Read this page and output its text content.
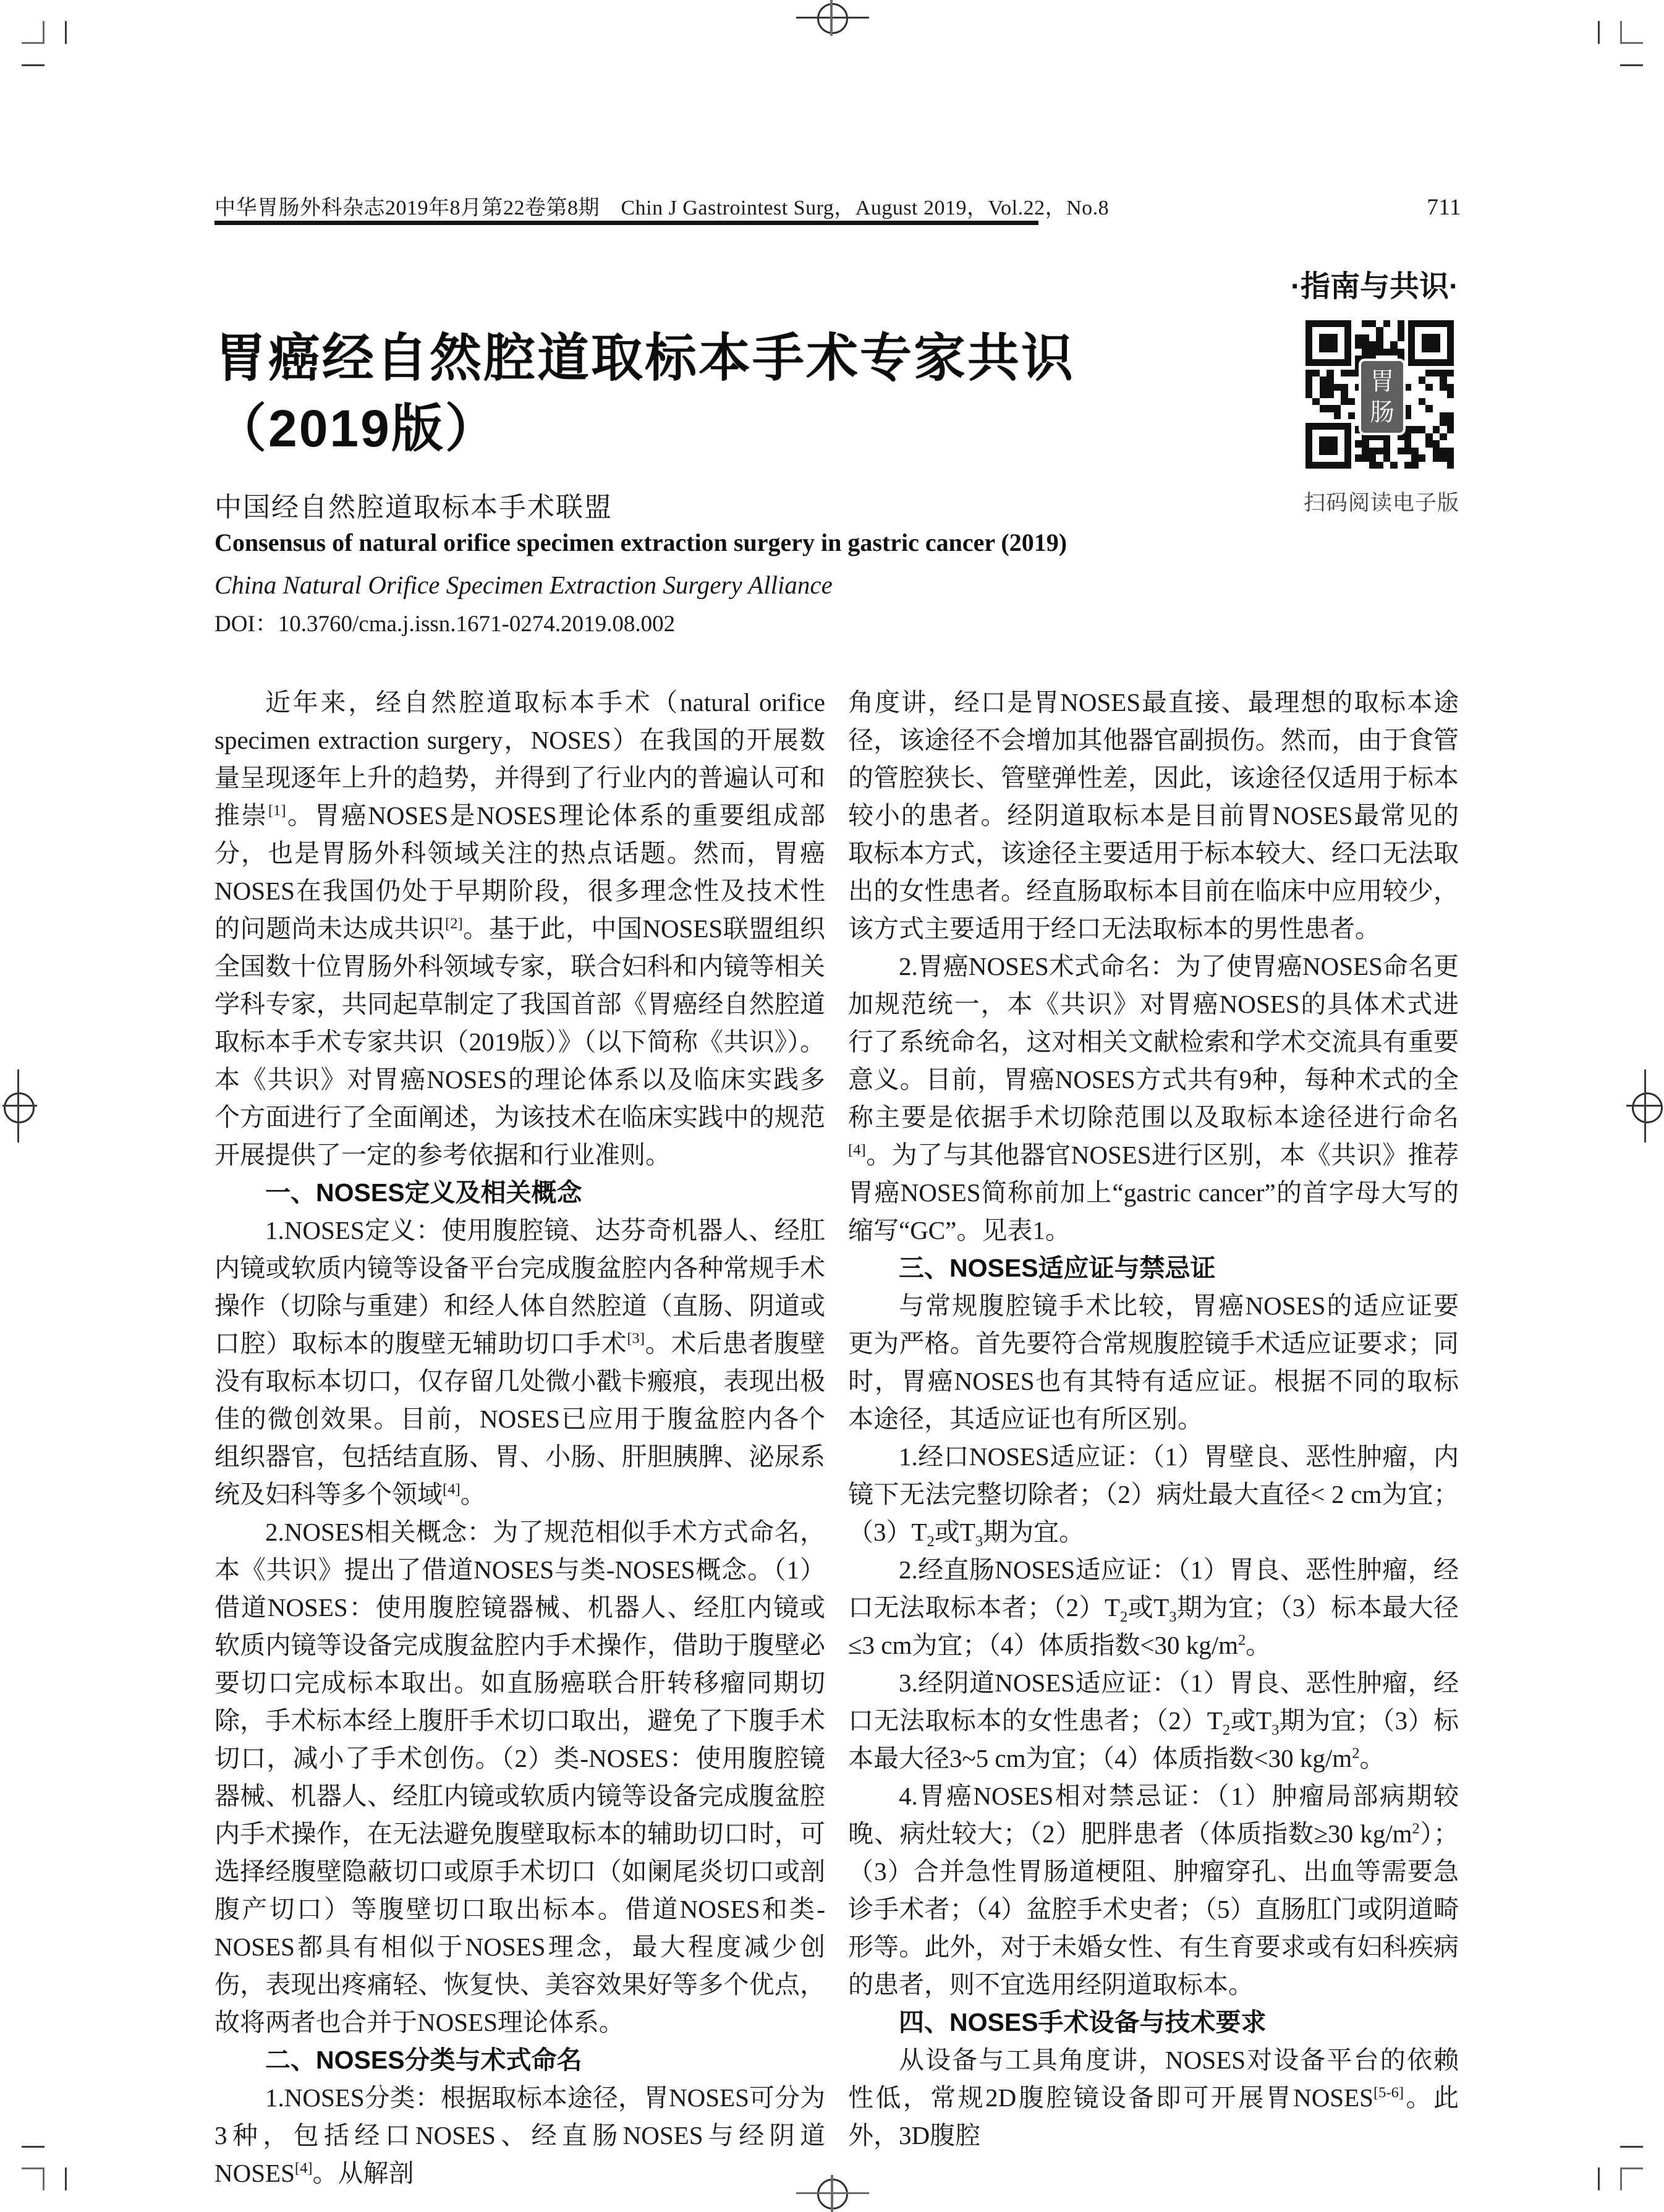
中华胃肠外科杂志2019年8月第22卷第8期　Chin J Gastrointest Surg，August 2019，Vol.22，No.8	711
·指南与共识·
胃癌经自然腔道取标本手术专家共识
（2019版）
胃
肠
扫码阅读电子版
中国经自然腔道取标本手术联盟
Consensus of natural orifice specimen extraction surgery in gastric cancer (2019)
China Natural Orifice Specimen Extraction Surgery Alliance
DOI：10.3760/cma.j.issn.1671-0274.2019.08.002

近年来，经自然腔道取标本手术（natural orifice specimen extraction surgery，NOSES）在我国的开展数量呈现逐年上升的趋势，并得到了行业内的普遍认可和推崇[1]。胃癌NOSES是NOSES理论体系的重要组成部分，也是胃肠外科领域关注的热点话题。然而，胃癌NOSES在我国仍处于早期阶段，很多理念性及技术性的问题尚未达成共识[2]。基于此，中国NOSES联盟组织全国数十位胃肠外科领域专家，联合妇科和内镜等相关学科专家，共同起草制定了我国首部《胃癌经自然腔道取标本手术专家共识（2019版）》（以下简称《共识》）。本《共识》对胃癌NOSES的理论体系以及临床实践多个方面进行了全面阐述，为该技术在临床实践中的规范开展提供了一定的参考依据和行业准则。

一、NOSES定义及相关概念

1.NOSES定义：使用腹腔镜、达芬奇机器人、经肛内镜或软质内镜等设备平台完成腹盆腔内各种常规手术操作（切除与重建）和经人体自然腔道（直肠、阴道或口腔）取标本的腹壁无辅助切口手术[3]。术后患者腹壁没有取标本切口，仅存留几处微小戳卡瘢痕，表现出极佳的微创效果。目前，NOSES已应用于腹盆腔内各个组织器官，包括结直肠、胃、小肠、肝胆胰脾、泌尿系统及妇科等多个领域[4]。

2.NOSES相关概念：为了规范相似手术方式命名，本《共识》提出了借道NOSES与类-NOSES概念。（1）借道NOSES：使用腹腔镜器械、机器人、经肛内镜或软质内镜等设备完成腹盆腔内手术操作，借助于腹壁必要切口完成标本取出。如直肠癌联合肝转移瘤同期切除，手术标本经上腹肝手术切口取出，避免了下腹手术切口，减小了手术创伤。（2）类-NOSES：使用腹腔镜器械、机器人、经肛内镜或软质内镜等设备完成腹盆腔内手术操作，在无法避免腹壁取标本的辅助切口时，可选择经腹壁隐蔽切口或原手术切口（如阑尾炎切口或剖腹产切口）等腹壁切口取出标本。借道NOSES和类-NOSES都具有相似于NOSES理念，最大程度减少创伤，表现出疼痛轻、恢复快、美容效果好等多个优点，故将两者也合并于NOSES理论体系。

二、NOSES分类与术式命名

1.NOSES分类：根据取标本途径，胃NOSES可分为3种，包括经口NOSES、经直肠NOSES与经阴道NOSES[4]。从解剖

角度讲，经口是胃NOSES最直接、最理想的取标本途径，该途径不会增加其他器官副损伤。然而，由于食管的管腔狭长、管壁弹性差，因此，该途径仅适用于标本较小的患者。经阴道取标本是目前胃NOSES最常见的取标本方式，该途径主要适用于标本较大、经口无法取出的女性患者。经直肠取标本目前在临床中应用较少，该方式主要适用于经口无法取标本的男性患者。

2.胃癌NOSES术式命名：为了使胃癌NOSES命名更加规范统一，本《共识》对胃癌NOSES的具体术式进行了系统命名，这对相关文献检索和学术交流具有重要意义。目前，胃癌NOSES方式共有9种，每种术式的全称主要是依据手术切除范围以及取标本途径进行命名[4]。为了与其他器官NOSES进行区别，本《共识》推荐胃癌NOSES简称前加上“gastric cancer”的首字母大写的缩写“GC”。见表1。

三、NOSES适应证与禁忌证

与常规腹腔镜手术比较，胃癌NOSES的适应证要更为严格。首先要符合常规腹腔镜手术适应证要求；同时，胃癌NOSES也有其特有适应证。根据不同的取标本途径，其适应证也有所区别。

1.经口NOSES适应证：（1）胃壁良、恶性肿瘤，内镜下无法完整切除者；（2）病灶最大直径< 2 cm为宜；$(3)T_2$或$T_3$期为宜。

2.经直肠NOSES适应证：（1）胃良、恶性肿瘤，经口无法取标本者；$(2)T_2$或$T_3$期为宜；（3）标本最大径≤3 cm为宜；（4）体质指数<30 $kg/m^2$。

3.经阴道NOSES适应证：（1）胃良、恶性肿瘤，经口无法取标本的女性患者；$(2)T_2$或$T_3$期为宜；（3）标本最大径3~5 cm为宜；（4）体质指数<30 $kg/m^2$。

4.胃癌NOSES相对禁忌证：（1）肿瘤局部病期较晚、病灶较大；（2）肥胖患者（体质指数≥30 $kg/m^2$）；（3）合并急性胃肠道梗阻、肿瘤穿孔、出血等需要急诊手术者；（4）盆腔手术史者；（5）直肠肛门或阴道畸形等。此外，对于未婚女性、有生育要求或有妇科疾病的患者，则不宜选用经阴道取标本。

四、NOSES手术设备与技术要求

从设备与工具角度讲，NOSES对设备平台的依赖性低，常规2D腹腔镜设备即可开展胃NOSES[5-6]。此外，3D腹腔
